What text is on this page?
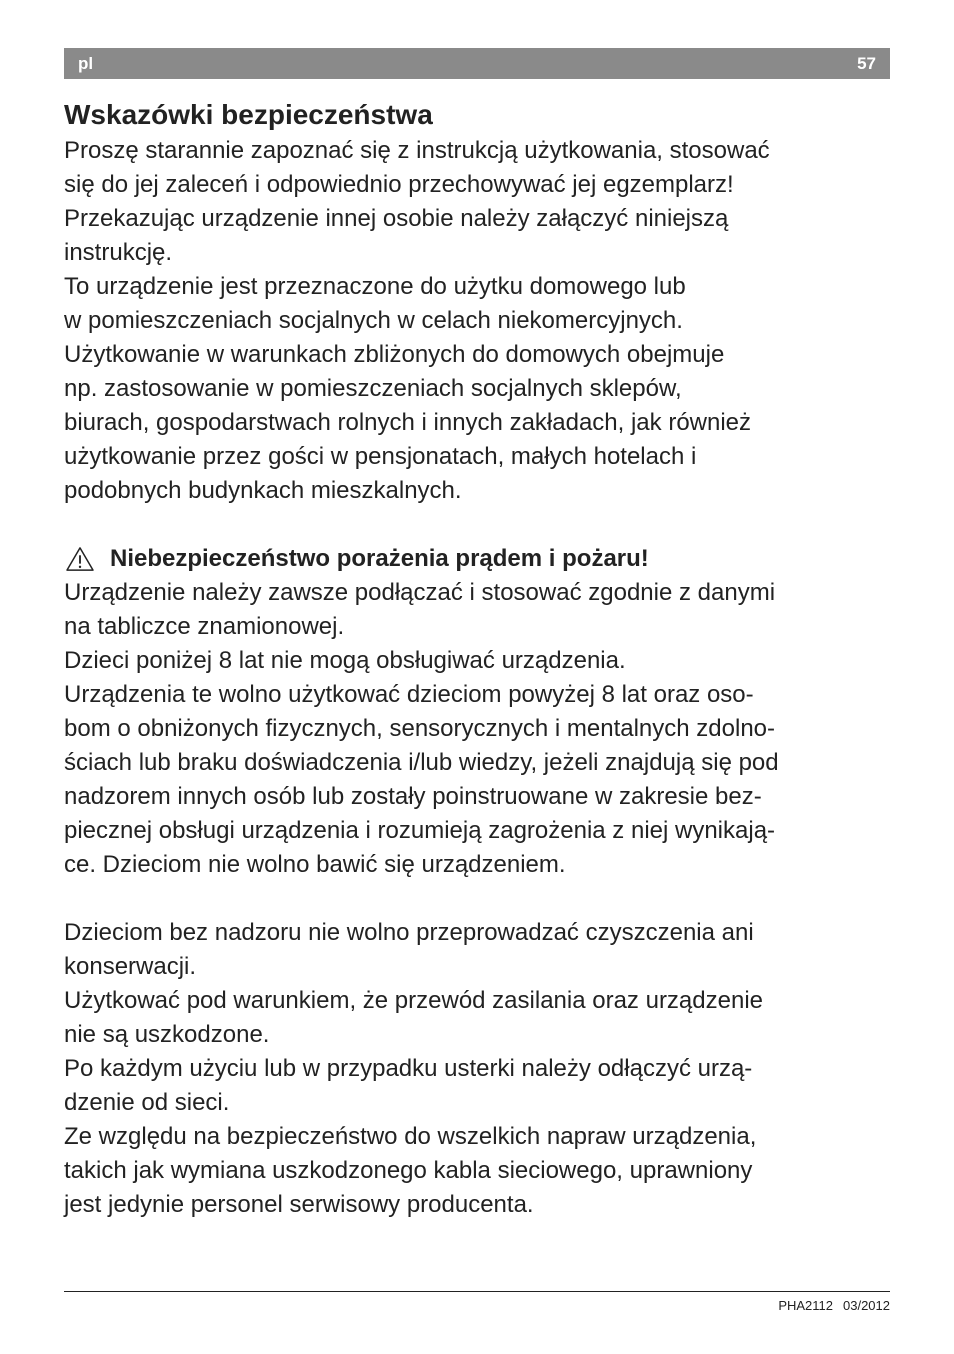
pl	57
Wskazówki bezpieczeństwa

Proszę starannie zapoznać się z instrukcją użytkowania, stosować

się do jej zaleceń i odpowiednio przechowywać jej egzemplarz!

Przekazując urządzenie innej osobie należy załączyć niniejszą

instrukcję.

To urządzenie jest przeznaczone do użytku domowego lub

w pomieszczeniach socjalnych w celach niekomercyjnych.

Użytkowanie w warunkach zbliżonych do domowych obejmuje

np. zastosowanie w pomieszczeniach socjalnych sklepów,

biurach, gospodarstwach rolnych i innych zakładach, jak również

użytkowanie przez gości w pensjonatach, małych hotelach i

podobnych budynkach mieszkalnych.

Niebezpieczeństwo porażenia prądem i pożaru!

Urządzenie należy zawsze podłączać i stosować zgodnie z danymi

na tabliczce znamionowej.

Dzieci poniżej 8 lat nie mogą obsługiwać urządzenia.

Urządzenia te wolno użytkować dzieciom powyżej 8 lat oraz oso-

bom o obniżonych fizycznych, sensorycznych i mentalnych zdolno-

ściach lub braku doświadczenia i/lub wiedzy, jeżeli znajdują się pod

nadzorem innych osób lub zostały poinstruowane w zakresie bez-

piecznej obsługi urządzenia i rozumieją zagrożenia z niej wynikają-

ce. Dzieciom nie wolno bawić się urządzeniem.

Dzieciom bez nadzoru nie wolno przeprowadzać czyszczenia ani

konserwacji.

Użytkować pod warunkiem, że przewód zasilania oraz urządzenie

nie są uszkodzone.

Po każdym użyciu lub w przypadku usterki należy odłączyć urzą-

dzenie od sieci.

Ze względu na bezpieczeństwo do wszelkich napraw urządzenia,

takich jak wymiana uszkodzonego kabla sieciowego, uprawniony

jest jedynie personel serwisowy producenta.

PHA2112 03/2012
